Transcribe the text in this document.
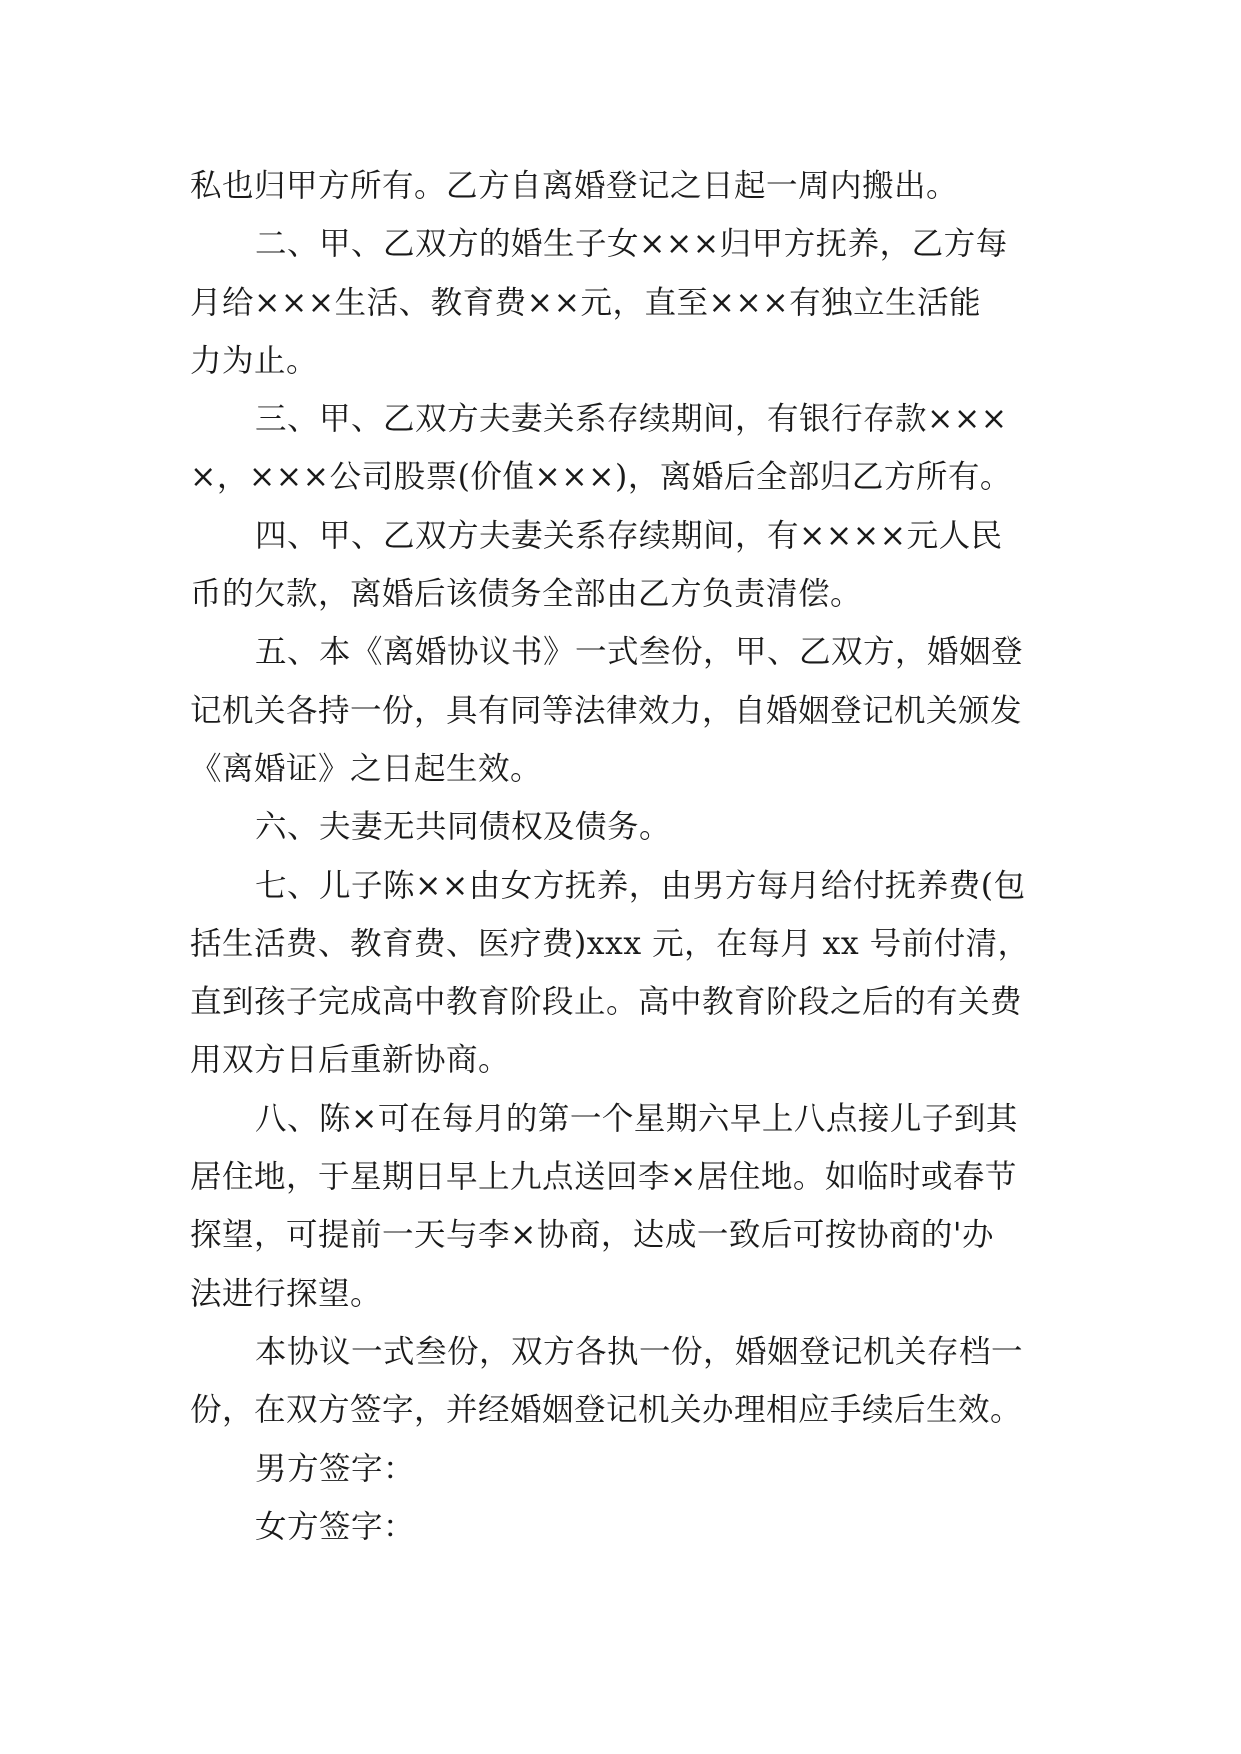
私也归甲方所有。乙方自离婚登记之日起一周内搬出。
二、甲、乙双方的婚生子女×××归甲方抚养，乙方每
月给×××生活、教育费××元，直至×××有独立生活能
力为止。
三、甲、乙双方夫妻关系存续期间，有银行存款×××
×，×××公司股票(价值×××)，离婚后全部归乙方所有。
四、甲、乙双方夫妻关系存续期间，有××××元人民
币的欠款，离婚后该债务全部由乙方负责清偿。
五、本《离婚协议书》一式叁份，甲、乙双方，婚姻登
记机关各持一份，具有同等法律效力，自婚姻登记机关颁发
《离婚证》之日起生效。
六、夫妻无共同债权及债务。
七、儿子陈××由女方抚养，由男方每月给付抚养费(包
括生活费、教育费、医疗费)xxx 元，在每月 xx 号前付清，
直到孩子完成高中教育阶段止。高中教育阶段之后的有关费
用双方日后重新协商。
八、陈×可在每月的第一个星期六早上八点接儿子到其
居住地，于星期日早上九点送回李×居住地。如临时或春节
探望，可提前一天与李×协商，达成一致后可按协商的'办
法进行探望。
本协议一式叁份，双方各执一份，婚姻登记机关存档一
份，在双方签字，并经婚姻登记机关办理相应手续后生效。
男方签字：
女方签字：
